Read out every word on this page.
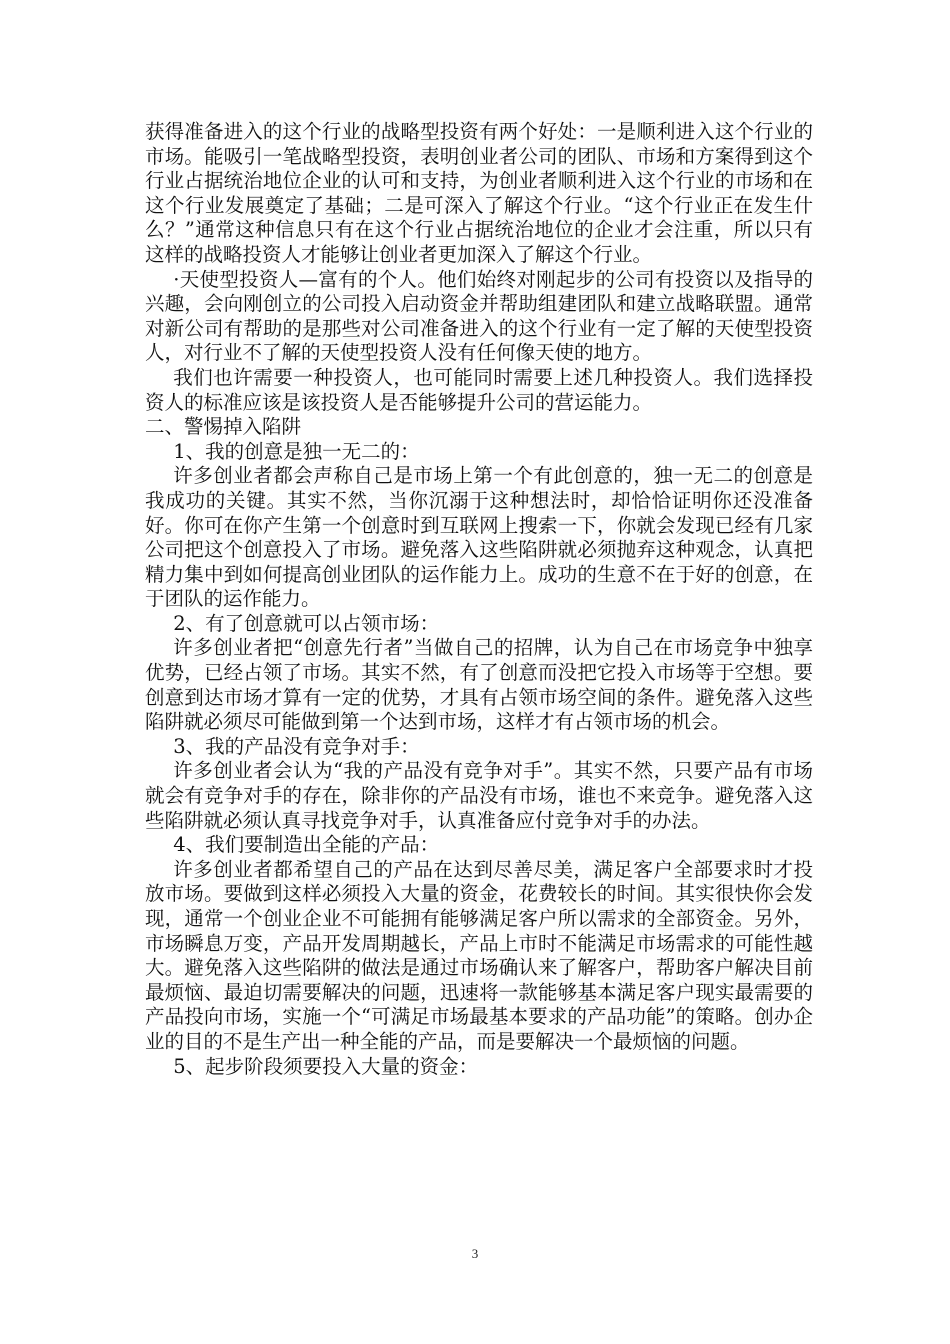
获得准备进入的这个行业的战略型投资有两个好处：一是顺利进入这个行业的市场。能吸引一笔战略型投资，表明创业者公司的团队、市场和方案得到这个行业占据统治地位企业的认可和支持，为创业者顺利进入这个行业的市场和在这个行业发展奠定了基础；二是可深入了解这个行业。“这个行业正在发生什么？”通常这种信息只有在这个行业占据统治地位的企业才会注重，所以只有这样的战略投资人才能够让创业者更加深入了解这个行业。

·天使型投资人—富有的个人。他们始终对刚起步的公司有投资以及指导的兴趣，会向刚创立的公司投入启动资金并帮助组建团队和建立战略联盟。通常对新公司有帮助的是那些对公司准备进入的这个行业有一定了解的天使型投资人，对行业不了解的天使型投资人没有任何像天使的地方。

我们也许需要一种投资人，也可能同时需要上述几种投资人。我们选择投资人的标准应该是该投资人是否能够提升公司的营运能力。

二、警惕掉入陷阱

1、我的创意是独一无二的：

许多创业者都会声称自己是市场上第一个有此创意的，独一无二的创意是我成功的关键。其实不然，当你沉溺于这种想法时，却恰恰证明你还没准备好。你可在你产生第一个创意时到互联网上搜索一下，你就会发现已经有几家公司把这个创意投入了市场。避免落入这些陷阱就必须抛弃这种观念，认真把精力集中到如何提高创业团队的运作能力上。成功的生意不在于好的创意，在于团队的运作能力。

2、有了创意就可以占领市场：

许多创业者把“创意先行者”当做自己的招牌，认为自己在市场竞争中独享优势，已经占领了市场。其实不然，有了创意而没把它投入市场等于空想。要创意到达市场才算有一定的优势，才具有占领市场空间的条件。避免落入这些陷阱就必须尽可能做到第一个达到市场，这样才有占领市场的机会。

3、我的产品没有竞争对手：

许多创业者会认为“我的产品没有竞争对手”。其实不然，只要产品有市场就会有竞争对手的存在，除非你的产品没有市场，谁也不来竞争。避免落入这些陷阱就必须认真寻找竞争对手，认真准备应付竞争对手的办法。

4、我们要制造出全能的产品：

许多创业者都希望自己的产品在达到尽善尽美，满足客户全部要求时才投放市场。要做到这样必须投入大量的资金，花费较长的时间。其实很快你会发现，通常一个创业企业不可能拥有能够满足客户所以需求的全部资金。另外，市场瞬息万变，产品开发周期越长，产品上市时不能满足市场需求的可能性越大。避免落入这些陷阱的做法是通过市场确认来了解客户，帮助客户解决目前最烦恼、最迫切需要解决的问题，迅速将一款能够基本满足客户现实最需要的产品投向市场，实施一个“可满足市场最基本要求的产品功能”的策略。创办企业的目的不是生产出一种全能的产品，而是要解决一个最烦恼的问题。

5、起步阶段须要投入大量的资金：

3
